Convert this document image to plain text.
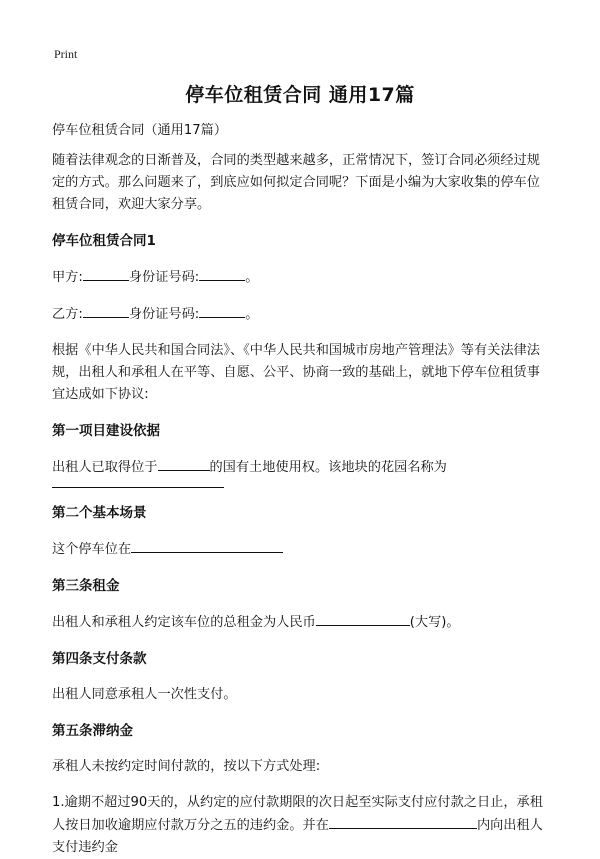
Print
停车位租赁合同 通用17篇

停车位租赁合同（通用17篇）

随着法律观念的日渐普及，合同的类型越来越多，正常情况下，签订合同必须经过规定的方式。那么问题来了，到底应如何拟定合同呢？下面是小编为大家收集的停车位租赁合同，欢迎大家分享。

停车位租赁合同1

甲方:	身份证号码:	。

乙方:	身份证号码:	。

根据《中华人民共和国合同法》、《中华人民共和国城市房地产管理法》等有关法律法规，出租人和承租人在平等、自愿、公平、协商一致的基础上，就地下停车位租赁事宜达成如下协议:

第一项目建设依据

出租人已取得位于	的国有土地使用权。该地块的花园名称为

第二个基本场景

这个停车位在

第三条租金

出租人和承租人约定该车位的总租金为人民币	(大写)。

第四条支付条款

出租人同意承租人一次性支付。

第五条滞纳金

承租人未按约定时间付款的，按以下方式处理:

1.逾期不超过90天的，从约定的应付款期限的次日起至实际支付应付款之日止，承租人按日加收逾期应付款万分之五的违约金。并在	内向出租人支付违约金
